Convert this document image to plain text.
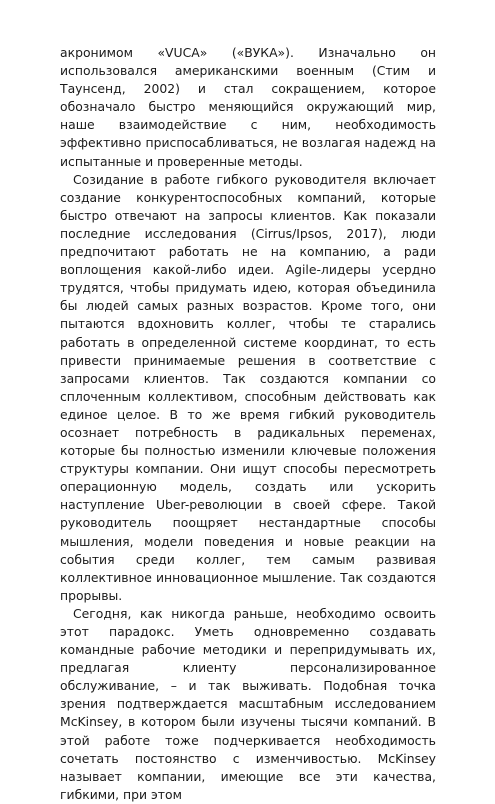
акронимом «VUCA» («ВУКА»). Изначально он использовался американскими военным (Стим и Таунсенд, 2002) и стал сокращением, которое обозначало быстро меняющийся окружающий мир, наше взаимодействие с ним, необходимость эффективно приспосабливаться, не возлагая надежд на испытанные и проверенные методы.

Созидание в работе гибкого руководителя включает создание конкурентоспособных компаний, которые быстро отвечают на запросы клиентов. Как показали последние исследования (Cirrus/Ipsos, 2017), люди предпочитают работать не на компанию, а ради воплощения какой-либо идеи. Agile-лидеры усердно трудятся, чтобы придумать идею, которая объединила бы людей самых разных возрастов. Кроме того, они пытаются вдохновить коллег, чтобы те старались работать в определенной системе координат, то есть привести принимаемые решения в соответствие с запросами клиентов. Так создаются компании со сплоченным коллективом, способным действовать как единое целое. В то же время гибкий руководитель осознает потребность в радикальных переменах, которые бы полностью изменили ключевые положения структуры компании. Они ищут способы пересмотреть операционную модель, создать или ускорить наступление Uber-революции в своей сфере. Такой руководитель поощряет нестандартные способы мышления, модели поведения и новые реакции на события среди коллег, тем самым развивая коллективное инновационное мышление. Так создаются прорывы.

Сегодня, как никогда раньше, необходимо освоить этот парадокс. Уметь одновременно создавать командные рабочие методики и перепридумывать их, предлагая клиенту персонализированное обслуживание, – и так выживать. Подобная точка зрения подтверждается масштабным исследованием McKinsey, в котором были изучены тысячи компаний. В этой работе тоже подчеркивается необходимость сочетать постоянство с изменчивостью. McKinsey называет компании, имеющие все эти качества, гибкими, при этом
